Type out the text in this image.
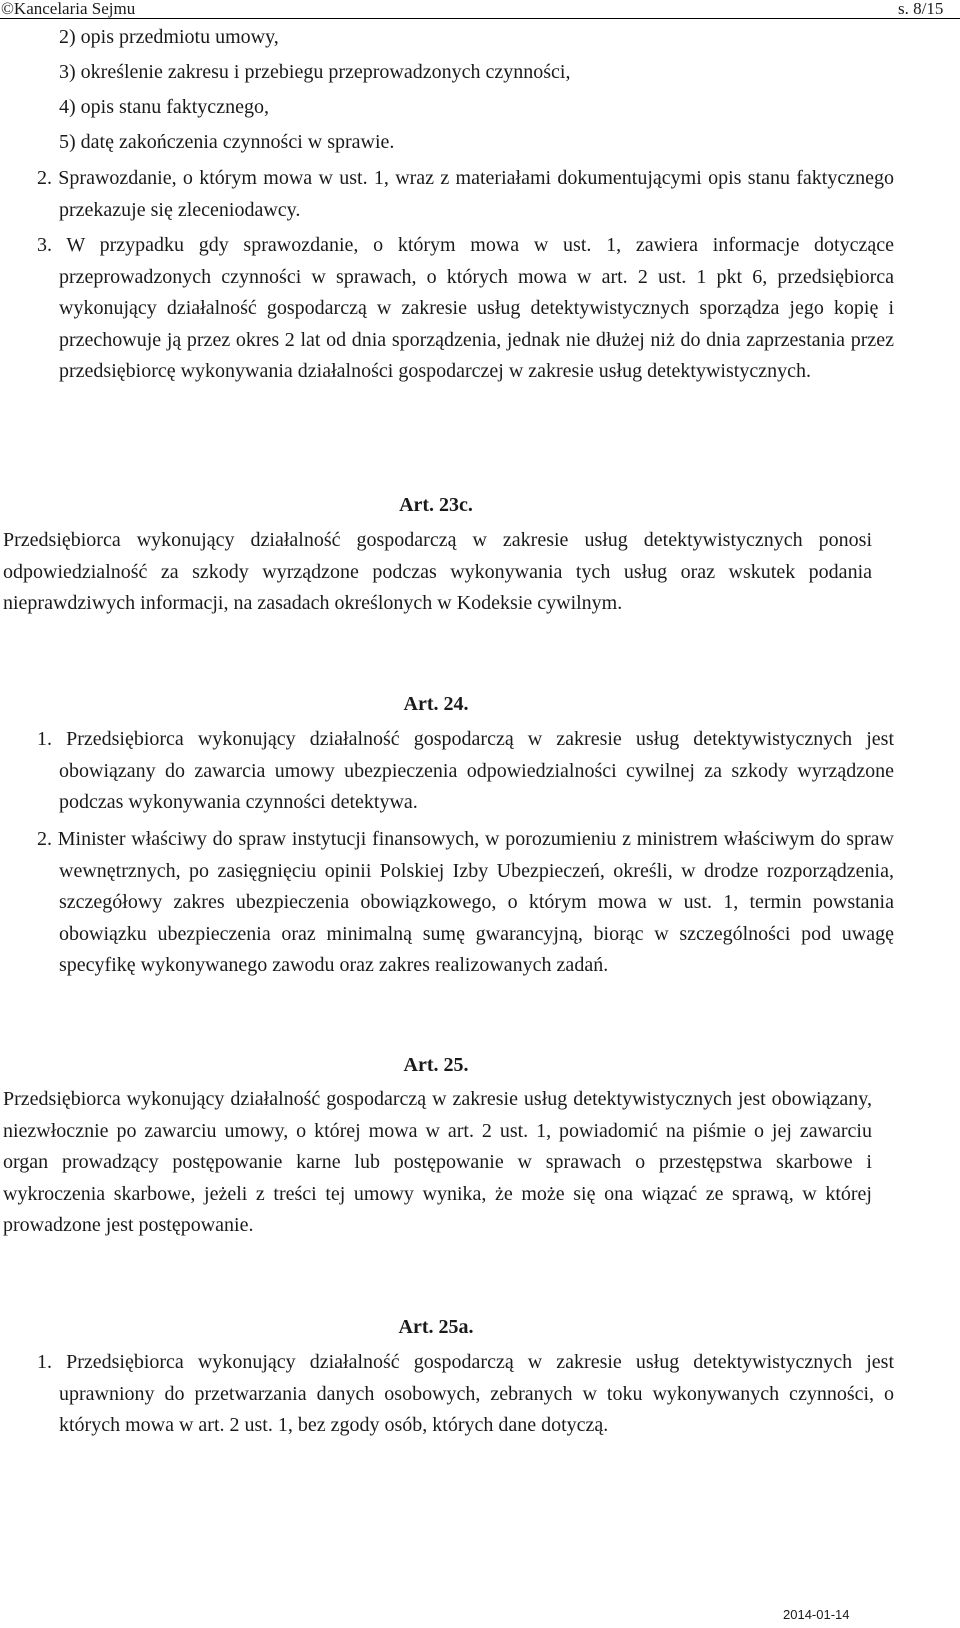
©Kancelaria Sejmu	s. 8/15

2) opis przedmiotu umowy,

3) określenie zakresu i przebiegu przeprowadzonych czynności,

4) opis stanu faktycznego,

5) datę zakończenia czynności w sprawie.

2. Sprawozdanie, o którym mowa w ust. 1, wraz z materiałami dokumentującymi opis stanu faktycznego przekazuje się zleceniodawcy.

3. W przypadku gdy sprawozdanie, o którym mowa w ust. 1, zawiera informacje dotyczące przeprowadzonych czynności w sprawach, o których mowa w art. 2 ust. 1 pkt 6, przedsiębiorca wykonujący działalność gospodarczą w zakresie usług detektywistycznych sporządza jego kopię i przechowuje ją przez okres 2 lat od dnia sporządzenia, jednak nie dłużej niż do dnia zaprzestania przez przedsiębiorcę wykonywania działalności gospodarczej w zakresie usług detektywistycznych.

Art. 23c.

Przedsiębiorca wykonujący działalność gospodarczą w zakresie usług detektywistycznych ponosi odpowiedzialność za szkody wyrządzone podczas wykonywania tych usług oraz wskutek podania nieprawdziwych informacji, na zasadach określonych w Kodeksie cywilnym.

Art. 24.

1. Przedsiębiorca wykonujący działalność gospodarczą w zakresie usług detektywistycznych jest obowiązany do zawarcia umowy ubezpieczenia odpowiedzialności cywilnej za szkody wyrządzone podczas wykonywania czynności detektywa.

2. Minister właściwy do spraw instytucji finansowych, w porozumieniu z ministrem właściwym do spraw wewnętrznych, po zasięgnięciu opinii Polskiej Izby Ubezpieczeń, określi, w drodze rozporządzenia, szczegółowy zakres ubezpieczenia obowiązkowego, o którym mowa w ust. 1, termin powstania obowiązku ubezpieczenia oraz minimalną sumę gwarancyjną, biorąc w szczególności pod uwagę specyfikę wykonywanego zawodu oraz zakres realizowanych zadań.

Art. 25.

Przedsiębiorca wykonujący działalność gospodarczą w zakresie usług detektywistycznych jest obowiązany, niezwłocznie po zawarciu umowy, o której mowa w art. 2 ust. 1, powiadomić na piśmie o jej zawarciu organ prowadzący postępowanie karne lub postępowanie w sprawach o przestępstwa skarbowe i wykroczenia skarbowe, jeżeli z treści tej umowy wynika, że może się ona wiązać ze sprawą, w której prowadzone jest postępowanie.

Art. 25a.

1. Przedsiębiorca wykonujący działalność gospodarczą w zakresie usług detektywistycznych jest uprawniony do przetwarzania danych osobowych, zebranych w toku wykonywanych czynności, o których mowa w art. 2 ust. 1, bez zgody osób, których dane dotyczą.

2014-01-14
